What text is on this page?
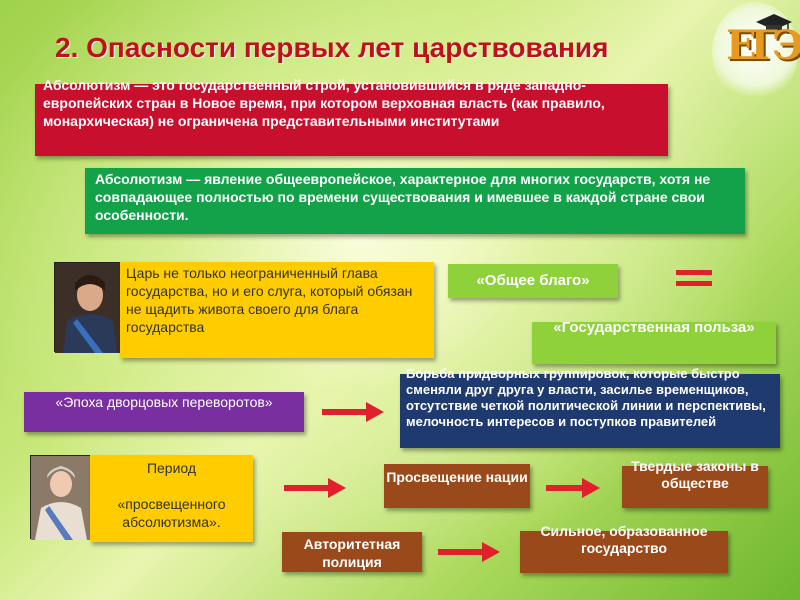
2. Опасности первых лет царствования	ЕГЭ
Абсолютизм — это государственный строй, установившийся в ряде западно-европейских стран в Новое время, при котором верховная власть (как правило, монархическая) не ограничена представительными институтами
Абсолютизм — явление общеевропейское, характерное для многих государств, хотя не совпадающее полностью по времени существования и имевшее в каждой стране свои особенности.
Царь не только неограниченный глава государства, но и его слуга, который обязан не щадить живота своего для блага государства
«Общее благо»
«Государственная польза»
«Эпоха дворцовых переворотов»
Борьба придворных группировок, которые быстро сменяли друг друга у власти, засилье временщиков, отсутствие четкой политической линии и перспективы, мелочность интересов и поступков правителей
Период
«просвещенного абсолютизма».
Просвещение нации
Твердые законы в обществе
Авторитетная полиция
Сильное, образованное государство
